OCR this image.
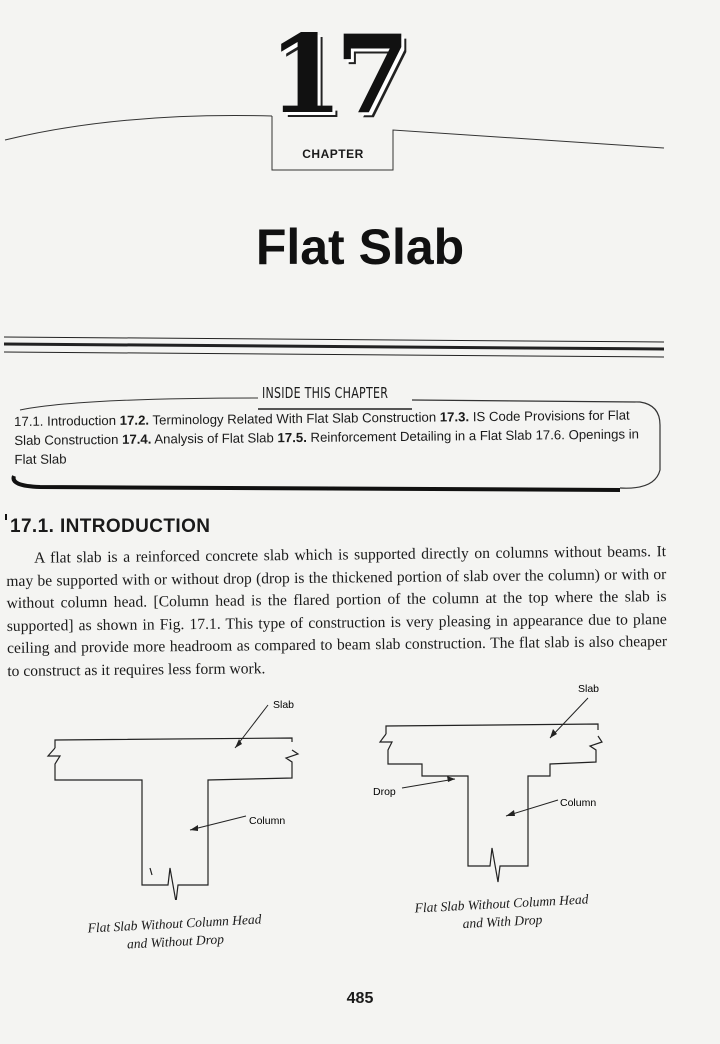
17
CHAPTER
Flat Slab
INSIDE THIS CHAPTER
17.1. Introduction 17.2. Terminology Related With Flat Slab Construction 17.3. IS Code Provisions for Flat Slab Construction 17.4. Analysis of Flat Slab 17.5. Reinforcement Detailing in a Flat Slab 17.6. Openings in Flat Slab
17.1. INTRODUCTION
A flat slab is a reinforced concrete slab which is supported directly on columns without beams. It may be supported with or without drop (drop is the thickened portion of slab over the column) or with or without column head. [Column head is the flared portion of the column at the top where the slab is supported] as shown in Fig. 17.1. This type of construction is very pleasing in appearance due to plane ceiling and provide more headroom as compared to beam slab construction. The flat slab is also cheaper to construct as it requires less form work.
Slab
Column
Flat Slab Without Column Head
and Without Drop
Slab
Drop
Column
Flat Slab Without Column Head
and With Drop
485
